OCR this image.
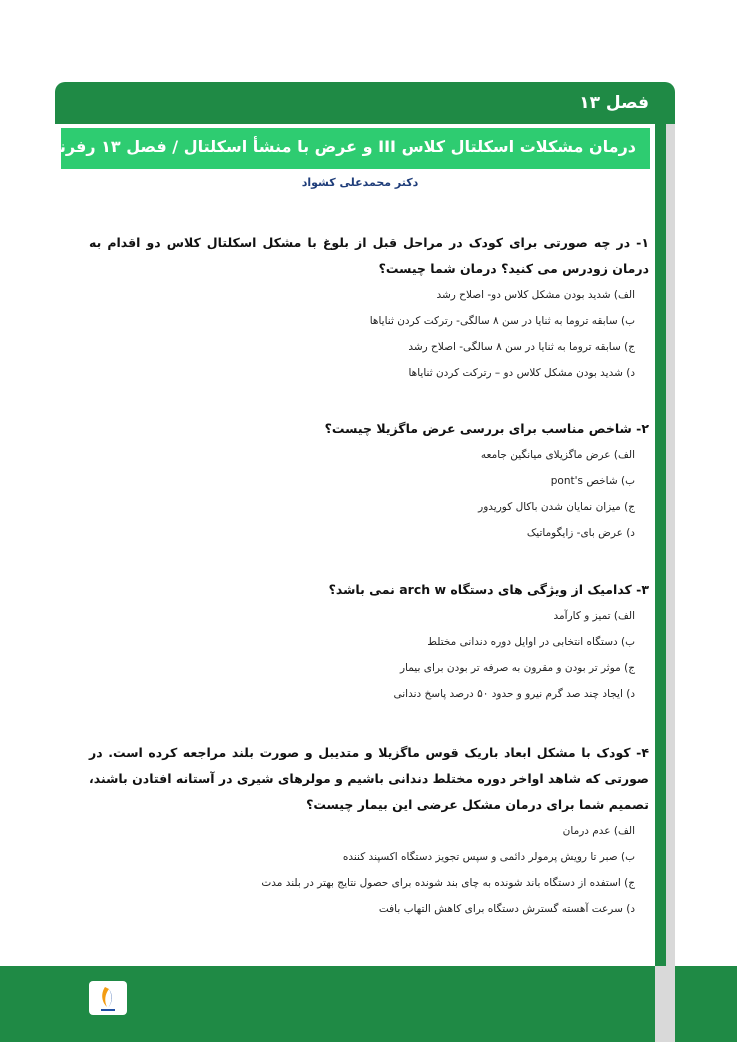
فصل ۱۳
درمان مشکلات اسکلتال کلاس III و عرض با منشأ اسکلتال / فصل ۱۳ رفرنس
دکتر محمدعلی کشواد
۱- در چه صورتی برای کودک در مراحل قبل از بلوغ با مشکل اسکلتال کلاس دو اقدام به درمان زودرس می کنید؟ درمان شما چیست؟
الف) شدید بودن مشکل کلاس دو- اصلاح رشد
ب) سابقه تروما به ثنایا در سن ۸ سالگی- رترکت کردن ثنایاها
ج) سابقه تروما به ثنایا در سن ۸ سالگی- اصلاح رشد
د) شدید بودن مشکل کلاس دو – رترکت کردن ثنایاها
۲- شاخص مناسب برای بررسی عرض ماگزیلا چیست؟
الف) عرض ماگزیلای میانگین جامعه
ب) شاخص pont's
ج) میزان نمایان شدن باکال کوریدور
د) عرض بای- زایگوماتیک
۳- کدامیک از ویژگی های دستگاه arch w نمی باشد؟
الف) تمیز و کارآمد
ب) دستگاه انتخابی در اوایل دوره دندانی مختلط
ج) موثر تر بودن و مقرون به صرفه تر بودن برای بیمار
د) ایجاد چند صد گرم نیرو و حدود ۵۰ درصد پاسخ دندانی
۴- کودک با مشکل ابعاد باریک قوس ماگزیلا و متدیبل و صورت بلند مراجعه کرده است. در صورتی که شاهد اواخر دوره مختلط دندانی باشیم و مولرهای شیری در آستانه افتادن باشند، تصمیم شما برای درمان مشکل عرضی این بیمار چیست؟
الف) عدم درمان
ب) صبر تا رویش پرمولر دائمی و سپس تجویز دستگاه اکسپند کننده
ج) استفده از دستگاه باند شونده به چای بند شونده برای حصول نتایج بهتر در بلند مدت
د) سرعت آهسته گسترش دستگاه برای کاهش التهاب بافت
